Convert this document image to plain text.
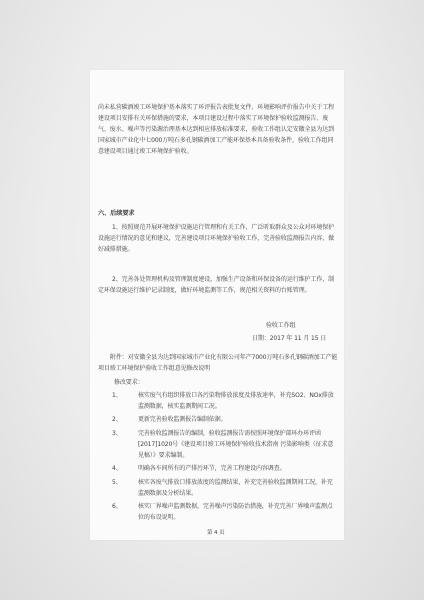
尚未私营碳酒竣工环境保护基本落实了环评报告表批复文件、环境影响评价报告中关于工程建设项目安排有关环保措施的要求，本项目建设过程中落实了环境保护验收监测报告、废气、废水、噪声等污染源治理基本达到相应排放标准要求，验收工作组认定安徽全县为达到国家城市产业化中七000万吨石多孔钢碳酒加工产能环保基本具备验收条件，验收工作组同意建设项目通过竣工环境保护验收。

六、后续要求

1、按照规范开展环境保护设施运行管理和有关工作，广泛听取群众及公众对环境保护设施运行情况的意见和建议，完善建设项目环境保护验收工作，完善验收监测报告内容，做好减排措施。

2、完善各处管理机构及管理制度建设，加强生产设备和环保设备的运行维护工作，制定环保设施运行维护记录制度，做好环境监测等工作，规范相关资料的台账管理。

验收工作组

日期：2017 年 11 月 15 日

附件：对安徽全县为达到国家城市产业化有限公司年产7000万吨石多孔钢碳酒加工产能项目竣工环境保护验收工作组意见修改说明

修改要求：

1、	核实废气有组织排放口各污染物排放浓度及排放速率，补充SO2、NOx排放监测数据，核实监测期间工况。
2、	更新完善验收监测报告编制依据。
3、	完善验收监测报告的编制，验收监测报告需按照环境保护部环办环评函[2017]1020号《建设项目竣工环境保护验收技术指南 污染影响类（征求意见稿）》要求编制。
4、	明确各车间所有的产排污环节，完善工程建设内容调查。
5、	核实各废气排放口排放浓度的监测结果，补充完善验收监测期间工况，补充监测数据及分析结果。
6、	核实厂界噪声监测数据，完善噪声污染防治措施，补充完善厂界噪声监测点位的布设说明。

第 4 页
